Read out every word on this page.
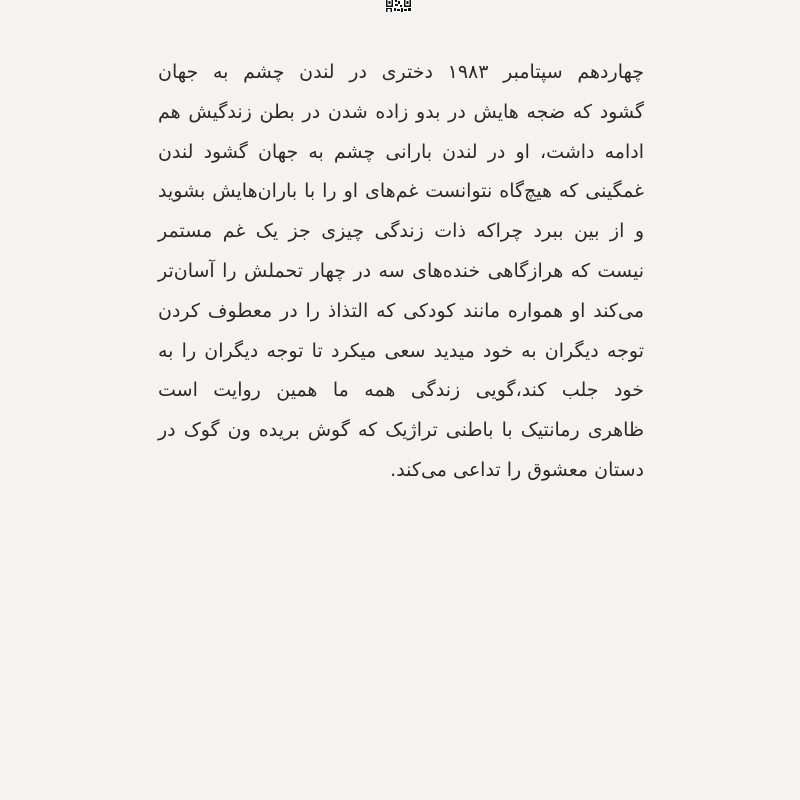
چهاردهم سپتامبر ۱۹۸۳ دختری در لندن چشم به جهان
گشود که ضجه هایش در بدو زاده شدن در بطن زندگیش هم
ادامه داشت، او در لندن بارانی چشم به جهان گشود لندن
غمگینی که هیچ‌گاه نتوانست غم‌های او را با باران‌هایش بشوید
و از بین ببرد چراکه ذات زندگی چیزی جز یک غم مستمر
نیست که هرازگاهی خنده‌های سه در چهار تحملش را آسان‌تر
می‌کند او همواره مانند کودکی که التذاذ را در معطوف کردن
توجه دیگران به خود میدید سعی میکرد تا توجه دیگران را به
خود جلب کند،گویی زندگی همه ما همین روایت است
ظاهری رمانتیک با باطنی تراژیک که گوش بریده ون گوک در
دستان معشوق را تداعی می‌کند.
